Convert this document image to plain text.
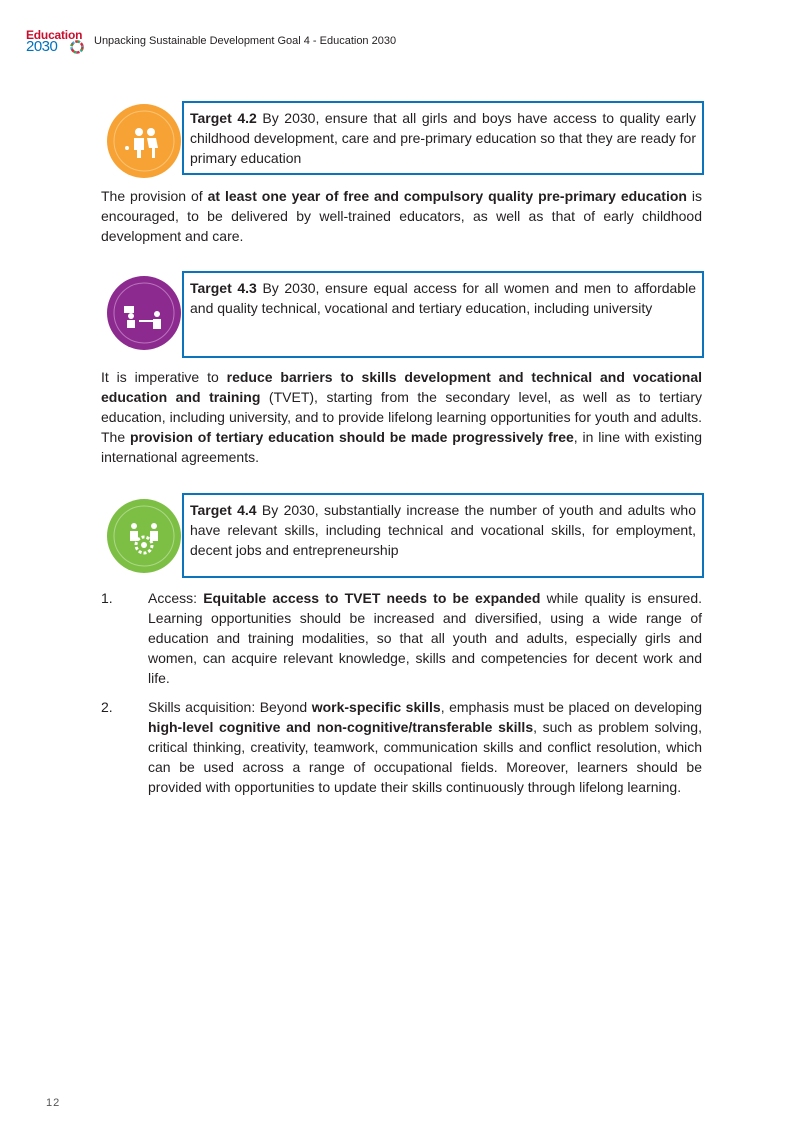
Education
2030	Unpacking Sustainable Development Goal 4 - Education 2030
Target 4.2 By 2030, ensure that all girls and boys have access to quality early childhood development, care and pre-primary education so that they are ready for primary education
The provision of at least one year of free and compulsory quality pre-primary education is encouraged, to be delivered by well-trained educators, as well as that of early childhood development and care.
Target 4.3 By 2030, ensure equal access for all women and men to affordable and quality technical, vocational and tertiary education, including university
It is imperative to reduce barriers to skills development and technical and vocational education and training (TVET), starting from the secondary level, as well as to tertiary education, including university, and to provide lifelong learning opportunities for youth and adults. The provision of tertiary education should be made progressively free, in line with existing international agreements.
Target 4.4 By 2030, substantially increase the number of youth and adults who have relevant skills, including technical and vocational skills, for employment, decent jobs and entrepreneurship
1.	Access: Equitable access to TVET needs to be expanded while quality is ensured. Learning opportunities should be increased and diversified, using a wide range of education and training modalities, so that all youth and adults, especially girls and women, can acquire relevant knowledge, skills and competencies for decent work and life.
2.	Skills acquisition: Beyond work-specific skills, emphasis must be placed on developing high-level cognitive and non-cognitive/transferable skills, such as problem solving, critical thinking, creativity, teamwork, communication skills and conflict resolution, which can be used across a range of occupational fields. Moreover, learners should be provided with opportunities to update their skills continuously through lifelong learning.
12
